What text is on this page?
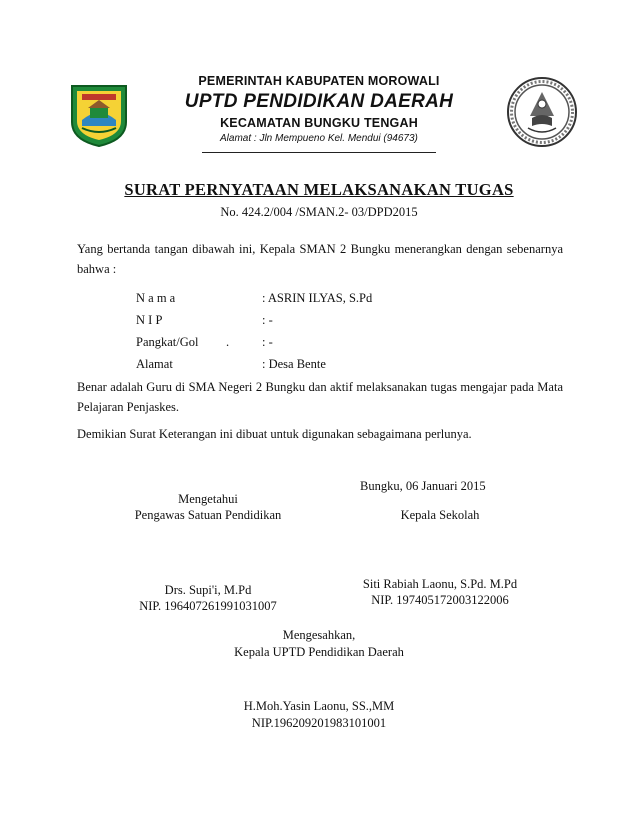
PEMERINTAH KABUPATEN MOROWALI
UPTD PENDIDIKAN DAERAH
KECAMATAN BUNGKU TENGAH
Alamat : Jln Mempueno Kel. Mendui (94673)
SURAT PERNYATAAN MELAKSANAKAN TUGAS
No. 424.2/004 /SMAN.2- 03/DPD2015
Yang bertanda tangan dibawah ini, Kepala SMAN 2 Bungku menerangkan dengan sebenarnya bahwa :
N a m a	: ASRIN ILYAS, S.Pd
N I P	: -
Pangkat/Gol .	: -
Alamat	: Desa Bente
Benar adalah Guru di SMA Negeri 2 Bungku dan aktif melaksanakan tugas mengajar pada Mata Pelajaran Penjaskes.
Demikian Surat Keterangan ini dibuat untuk digunakan sebagaimana perlunya.
Bungku, 06 Januari 2015
Mengetahui
Pengawas Satuan Pendidikan
Drs. Supi'i, M.Pd
NIP. 196407261991031007
Kepala Sekolah
Siti Rabiah Laonu, S.Pd. M.Pd
NIP. 197405172003122006
Mengesahkan,
Kepala UPTD Pendidikan Daerah
H.Moh.Yasin Laonu, SS.,MM
NIP.196209201983101001
